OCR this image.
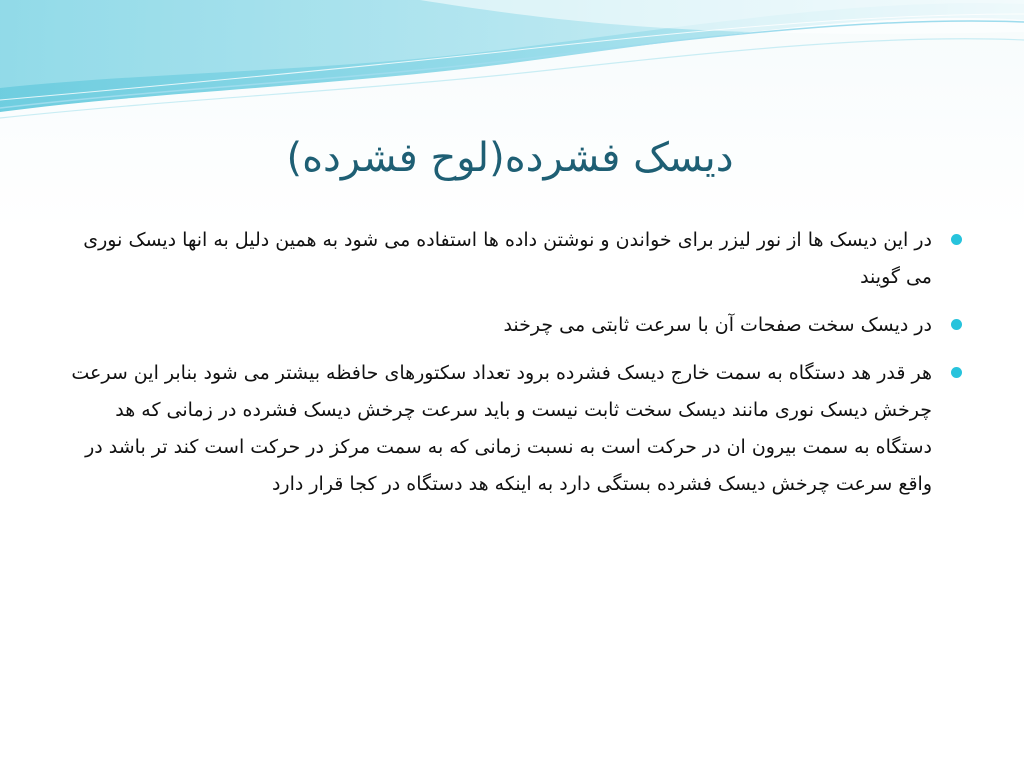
دیسک فشرده(لوح فشرده)
در این دیسک ها از نور لیزر برای خواندن و نوشتن داده ها استفاده می شود به همین دلیل به انها دیسک نوری می گویند
در دیسک سخت صفحات آن با سرعت ثابتی می چرخند
هر قدر هد دستگاه به سمت خارج دیسک فشرده برود تعداد سکتورهای حافظه بیشتر می شود بنابر این سرعت چرخش دیسک نوری مانند دیسک سخت ثابت نیست و باید سرعت چرخش دیسک فشرده در زمانی که هد دستگاه به سمت بیرون ان در حرکت است به نسبت زمانی که به سمت مرکز در حرکت است کند تر باشد در واقع سرعت چرخش دیسک فشرده بستگی دارد به اینکه هد دستگاه در کجا قرار دارد
